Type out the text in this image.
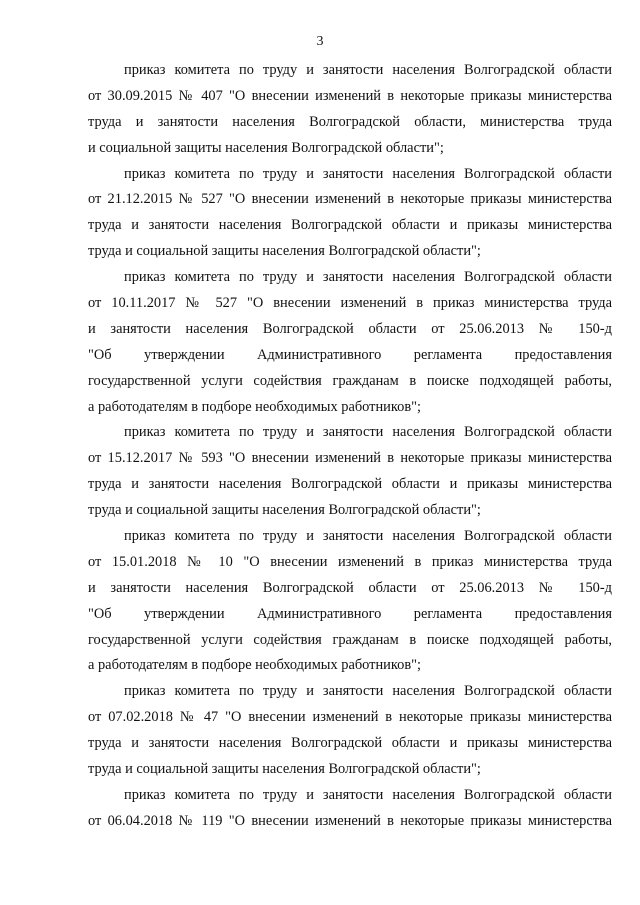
3
приказ комитета по труду и занятости населения Волгоградской области
от 30.09.2015 № 407 "О внесении изменений в некоторые приказы министерства
труда и занятости населения Волгоградской области, министерства труда
и социальной защиты населения Волгоградской области";
приказ комитета по труду и занятости населения Волгоградской области
от 21.12.2015 № 527 "О внесении изменений в некоторые приказы министерства
труда и занятости населения Волгоградской области и приказы министерства
труда и социальной защиты населения Волгоградской области";
приказ комитета по труду и занятости населения Волгоградской области
от 10.11.2017 № 527 "О внесении изменений в приказ министерства труда
и занятости населения Волгоградской области от 25.06.2013 № 150-д
"Об утверждении Административного регламента предоставления
государственной услуги содействия гражданам в поиске подходящей работы,
а работодателям в подборе необходимых работников";
приказ комитета по труду и занятости населения Волгоградской области
от 15.12.2017 № 593 "О внесении изменений в некоторые приказы министерства
труда и занятости населения Волгоградской области и приказы министерства
труда и социальной защиты населения Волгоградской области";
приказ комитета по труду и занятости населения Волгоградской области
от 15.01.2018 № 10 "О внесении изменений в приказ министерства труда
и занятости населения Волгоградской области от 25.06.2013 № 150-д
"Об утверждении Административного регламента предоставления
государственной услуги содействия гражданам в поиске подходящей работы,
а работодателям в подборе необходимых работников";
приказ комитета по труду и занятости населения Волгоградской области
от 07.02.2018 № 47 "О внесении изменений в некоторые приказы министерства
труда и занятости населения Волгоградской области и приказы министерства
труда и социальной защиты населения Волгоградской области";
приказ комитета по труду и занятости населения Волгоградской области
от 06.04.2018 № 119 "О внесении изменений в некоторые приказы министерства
